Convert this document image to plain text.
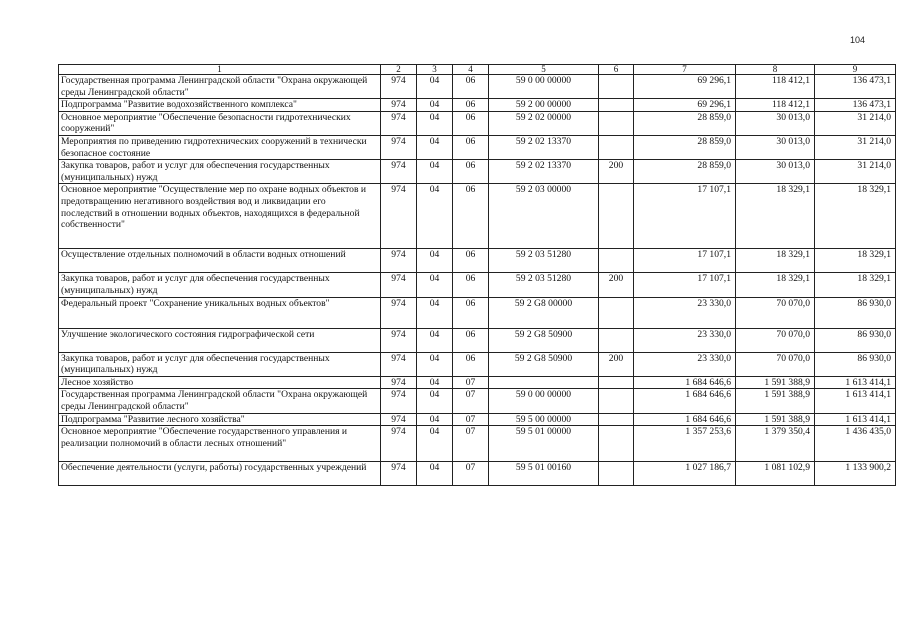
104
1	2	3	4	5	6	7	8	9
Государственная программа Ленинградской области "Охрана окружающей среды Ленинградской области"	974	04	06	59 0 00 00000		69 296,1	118 412,1	136 473,1
Подпрограмма "Развитие водохозяйственного комплекса"	974	04	06	59 2 00 00000		69 296,1	118 412,1	136 473,1
Основное мероприятие "Обеспечение безопасности гидротехнических сооружений"	974	04	06	59 2 02 00000		28 859,0	30 013,0	31 214,0
Мероприятия по приведению гидротехнических сооружений в технически безопасное состояние	974	04	06	59 2 02 13370		28 859,0	30 013,0	31 214,0
Закупка товаров, работ и услуг для обеспечения государственных (муниципальных) нужд	974	04	06	59 2 02 13370	200	28 859,0	30 013,0	31 214,0
Основное мероприятие "Осуществление мер по охране водных объектов и предотвращению негативного воздействия вод и ликвидации его последствий в отношении водных объектов, находящихся в федеральной собственности"	974	04	06	59 2 03 00000		17 107,1	18 329,1	18 329,1
Осуществление отдельных полномочий в области водных отношений	974	04	06	59 2 03 51280		17 107,1	18 329,1	18 329,1
Закупка товаров, работ и услуг для обеспечения государственных (муниципальных) нужд	974	04	06	59 2 03 51280	200	17 107,1	18 329,1	18 329,1
Федеральный проект "Сохранение уникальных водных объектов"	974	04	06	59 2 G8 00000		23 330,0	70 070,0	86 930,0
Улучшение экологического состояния гидрографической сети	974	04	06	59 2 G8 50900		23 330,0	70 070,0	86 930,0
Закупка товаров, работ и услуг для обеспечения государственных (муниципальных) нужд	974	04	06	59 2 G8 50900	200	23 330,0	70 070,0	86 930,0
Лесное хозяйство	974	04	07			1 684 646,6	1 591 388,9	1 613 414,1
Государственная программа Ленинградской области "Охрана окружающей среды Ленинградской области"	974	04	07	59 0 00 00000		1 684 646,6	1 591 388,9	1 613 414,1
Подпрограмма "Развитие лесного хозяйства"	974	04	07	59 5 00 00000		1 684 646,6	1 591 388,9	1 613 414,1
Основное мероприятие "Обеспечение государственного управления и реализации полномочий в области лесных отношений"	974	04	07	59 5 01 00000		1 357 253,6	1 379 350,4	1 436 435,0
Обеспечение деятельности (услуги, работы) государственных учреждений	974	04	07	59 5 01 00160		1 027 186,7	1 081 102,9	1 133 900,2
